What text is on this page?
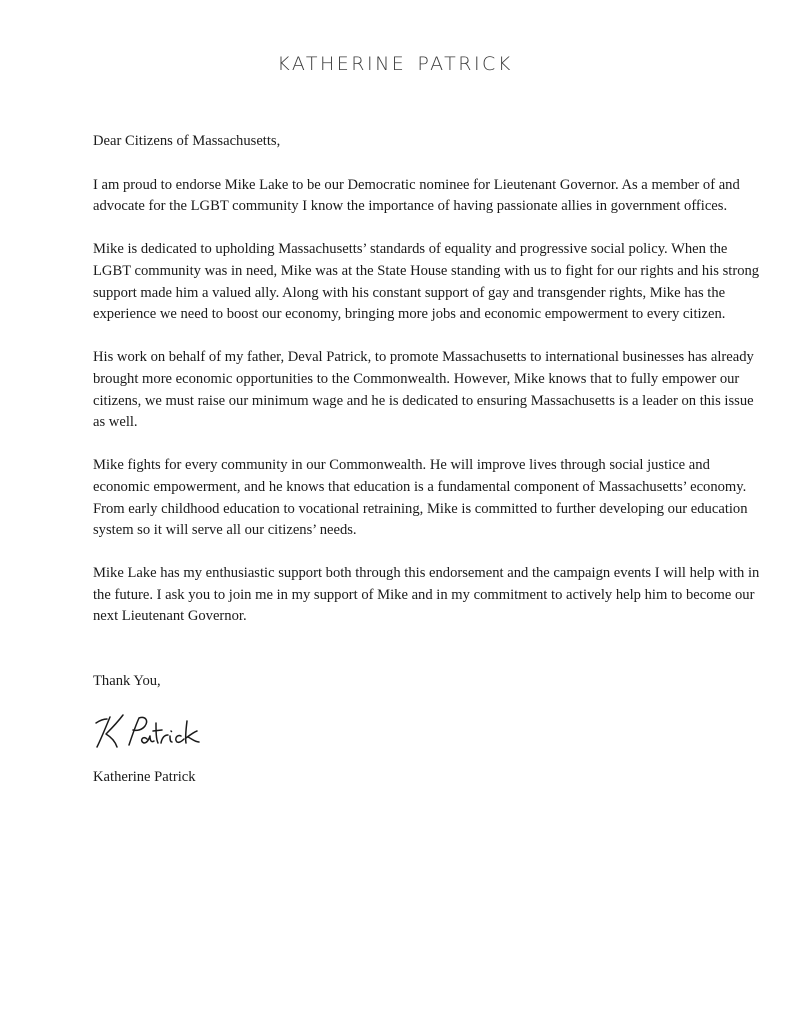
katherine patrick

Dear Citizens of Massachusetts,

I am proud to endorse Mike Lake to be our Democratic nominee for Lieutenant Governor. As a member of and advocate for the LGBT community I know the importance of having passionate allies in government offices.

Mike is dedicated to upholding Massachusetts’ standards of equality and progressive social policy. When the LGBT community was in need, Mike was at the State House standing with us to fight for our rights and his strong support made him a valued ally. Along with his constant support of gay and transgender rights, Mike has the experience we need to boost our economy, bringing more jobs and economic empowerment to every citizen.

His work on behalf of my father, Deval Patrick, to promote Massachusetts to international businesses has already brought more economic opportunities to the Commonwealth. However, Mike knows that to fully empower our citizens, we must raise our minimum wage and he is dedicated to ensuring Massachusetts is a leader on this issue as well.

Mike fights for every community in our Commonwealth. He will improve lives through social justice and economic empowerment, and he knows that education is a fundamental component of Massachusetts’ economy. From early childhood education to vocational retraining, Mike is committed to further developing our education system so it will serve all our citizens’ needs.

Mike Lake has my enthusiastic support both through this endorsement and the campaign events I will help with in the future. I ask you to join me in my support of Mike and in my commitment to actively help him to become our next Lieutenant Governor.

Thank You,

Katherine Patrick
